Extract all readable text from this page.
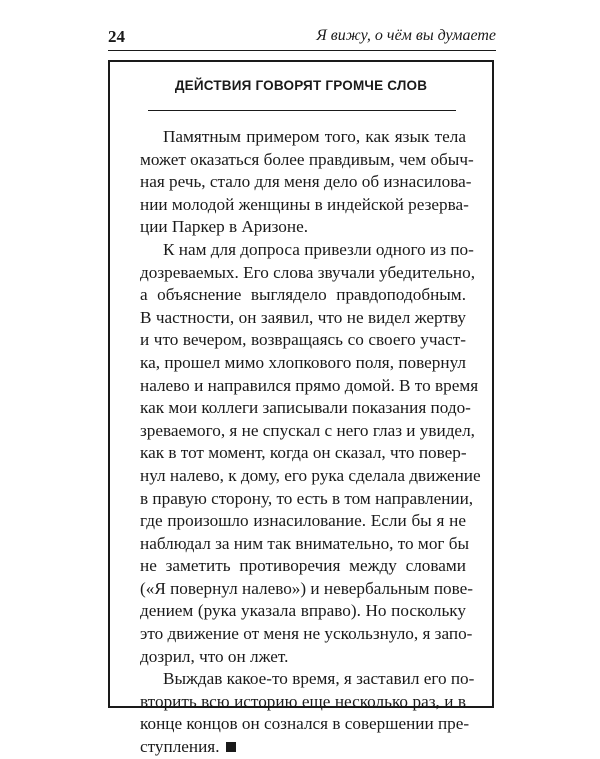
24	Я вижу, о чём вы думаете
ДЕЙСТВИЯ ГОВОРЯТ ГРОМЧЕ СЛОВ

Памятным примером того, как язык тела
может оказаться более правдивым, чем обыч-
ная речь, стало для меня дело об изнасилова-
нии молодой женщины в индейской резерва-
ции Паркер в Аризоне.

К нам для допроса привезли одного из по-
дозреваемых. Его слова звучали убедительно,
а объяснение выглядело правдоподобным.
В частности, он заявил, что не видел жертву
и что вечером, возвращаясь со своего участ-
ка, прошел мимо хлопкового поля, повернул
налево и направился прямо домой. В то время
как мои коллеги записывали показания подо-
зреваемого, я не спускал с него глаз и увидел,
как в тот момент, когда он сказал, что повер-
нул налево, к дому, его рука сделала движение
в правую сторону, то есть в том направлении,
где произошло изнасилование. Если бы я не
наблюдал за ним так внимательно, то мог бы
не заметить противоречия между словами
(«Я повернул налево») и невербальным пове-
дением (рука указала вправо). Но поскольку
это движение от меня не ускользнуло, я запо-
дозрил, что он лжет.

Выждав какое-то время, я заставил его по-
вторить всю историю еще несколько раз, и в
конце концов он сознался в совершении пре-
ступления.
